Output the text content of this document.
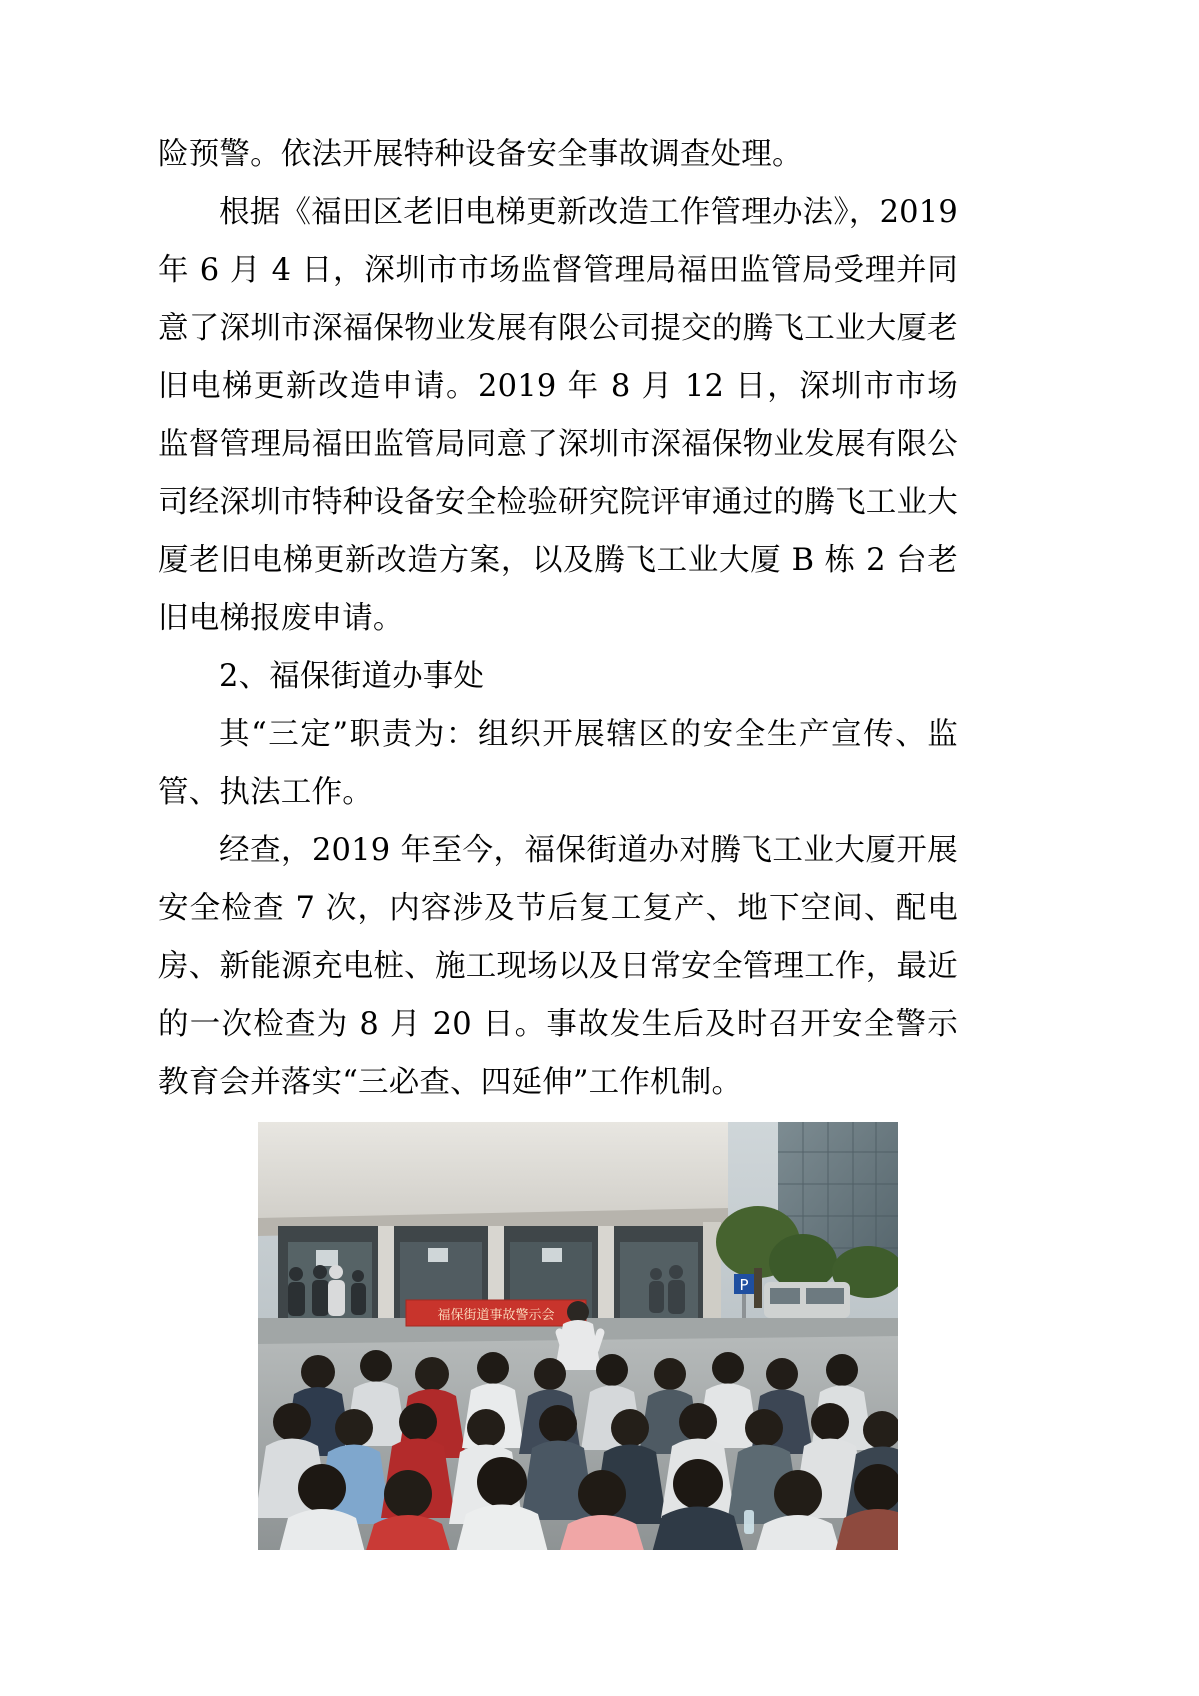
险预警。依法开展特种设备安全事故调查处理。

根据《福田区老旧电梯更新改造工作管理办法》，2019年 6 月 4 日，深圳市市场监督管理局福田监管局受理并同意了深圳市深福保物业发展有限公司提交的腾飞工业大厦老旧电梯更新改造申请。2019 年 8 月 12 日，深圳市市场监督管理局福田监管局同意了深圳市深福保物业发展有限公司经深圳市特种设备安全检验研究院评审通过的腾飞工业大厦老旧电梯更新改造方案，以及腾飞工业大厦 B 栋 2 台老旧电梯报废申请。

2、福保街道办事处

其“三定”职责为：组织开展辖区的安全生产宣传、监管、执法工作。

经查，2019 年至今，福保街道办对腾飞工业大厦开展安全检查 7 次，内容涉及节后复工复产、地下空间、配电房、新能源充电桩、施工现场以及日常安全管理工作，最近的一次检查为 8 月 20 日。事故发生后及时召开安全警示教育会并落实“三必查、四延伸”工作机制。

P
福保街道事故警示会
